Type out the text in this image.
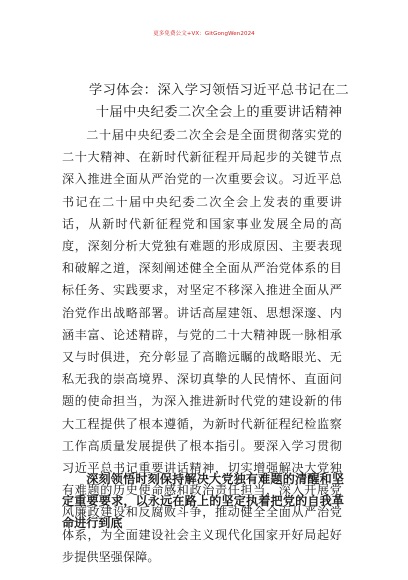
更多免费公文+VX：GitGongWen2024
学习体会：深入学习领悟习近平总书记在二十届中央纪委二次全会上的重要讲话精神
二十届中央纪委二次全会是全面贯彻落实党的二十大精神、在新时代新征程开局起步的关键节点深入推进全面从严治党的一次重要会议。习近平总书记在二十届中央纪委二次全会上发表的重要讲话，从新时代新征程党和国家事业发展全局的高度，深刻分析大党独有难题的形成原因、主要表现和破解之道，深刻阐述健全全面从严治党体系的目标任务、实践要求，对坚定不移深入推进全面从严治党作出战略部署。讲话高屋建瓴、思想深邃、内涵丰富、论述精辟，与党的二十大精神既一脉相承又与时俱进，充分彰显了高瞻远瞩的战略眼光、无私无我的崇高境界、深切真挚的人民情怀、直面问题的使命担当，为深入推进新时代党的建设新的伟大工程提供了根本遵循，为新时代新征程纪检监察工作高质量发展提供了根本指引。要深入学习贯彻习近平总书记重要讲话精神，切实增强解决大党独有难题的历史使命感和政治责任担当，深入开展党风廉政建设和反腐败斗争，推动健全全面从严治党体系，为全面建设社会主义现代化国家开好局起好步提供坚强保障。
深刻领悟时刻保持解决大党独有难题的清醒和坚定重要要求，以永远在路上的坚定执着把党的自我革命进行到底
